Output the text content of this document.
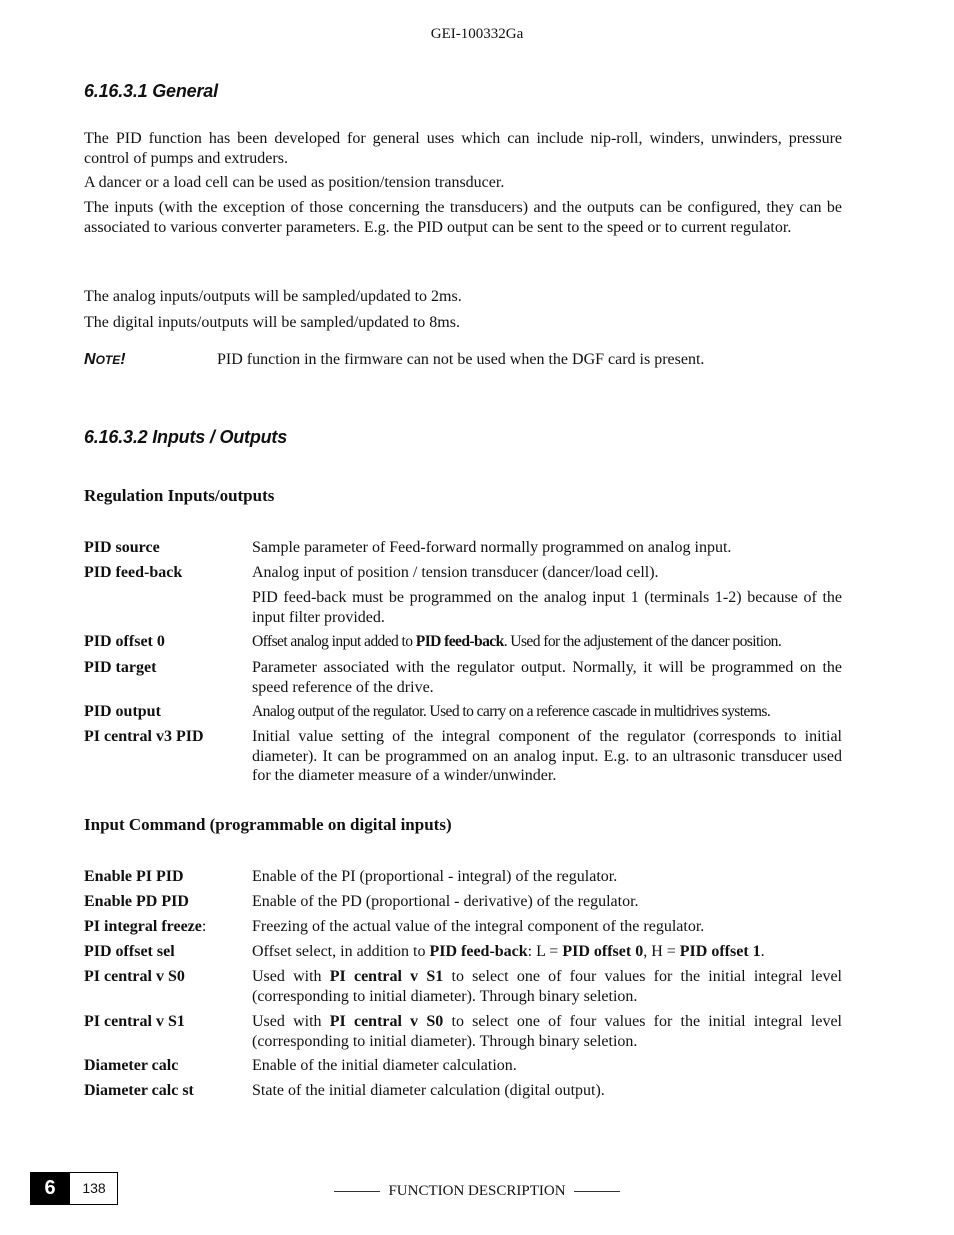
GEI-100332Ga
6.16.3.1 General
The PID function has been developed for general uses which can include nip-roll, winders, unwinders, pressure control of pumps and extruders.
A dancer or a load cell can be used as position/tension transducer.
The inputs (with the exception of those concerning the transducers) and the outputs can be configured, they can be associated to various converter parameters. E.g. the PID output can be sent to the speed or to current regulator.
The analog inputs/outputs will be sampled/updated to 2ms.
The digital inputs/outputs will be sampled/updated to 8ms.
NOTE!	PID function in the firmware can not be used when the DGF card is present.
6.16.3.2 Inputs / Outputs
Regulation Inputs/outputs
PID source	Sample parameter of Feed-forward normally programmed on analog input.
PID feed-back	Analog input of position / tension transducer (dancer/load cell).
PID feed-back must be programmed on the analog input 1 (terminals 1-2) because of the input filter provided.
PID offset 0	Offset analog input added to PID feed-back. Used for the adjustement of the dancer position.
PID target	Parameter associated with the regulator output. Normally, it will be programmed on the speed reference of the drive.
PID output	Analog output of the regulator. Used to carry on a reference cascade in multidrives systems.
PI central v3 PID	Initial value setting of the integral component of the regulator (corresponds to initial diameter). It can be programmed on an analog input. E.g. to an ultrasonic transducer used for the diameter measure of a winder/unwinder.
Input Command (programmable on digital inputs)
Enable PI PID	Enable of the PI (proportional - integral) of the regulator.
Enable PD PID	Enable of the PD (proportional - derivative) of the regulator.
PI integral freeze:	Freezing of the actual value of the integral component of the regulator.
PID offset sel	Offset select, in addition to PID feed-back: L = PID offset 0, H = PID offset 1.
PI central v S0	Used with PI central v S1 to select one of four values for the initial integral level (corresponding to initial diameter). Through binary seletion.
PI central v S1	Used with PI central v S0 to select one of four values for the initial integral level (corresponding to initial diameter). Through binary seletion.
Diameter calc	Enable of the initial diameter calculation.
Diameter calc st	State of the initial diameter calculation (digital output).
6	138	FUNCTION DESCRIPTION
